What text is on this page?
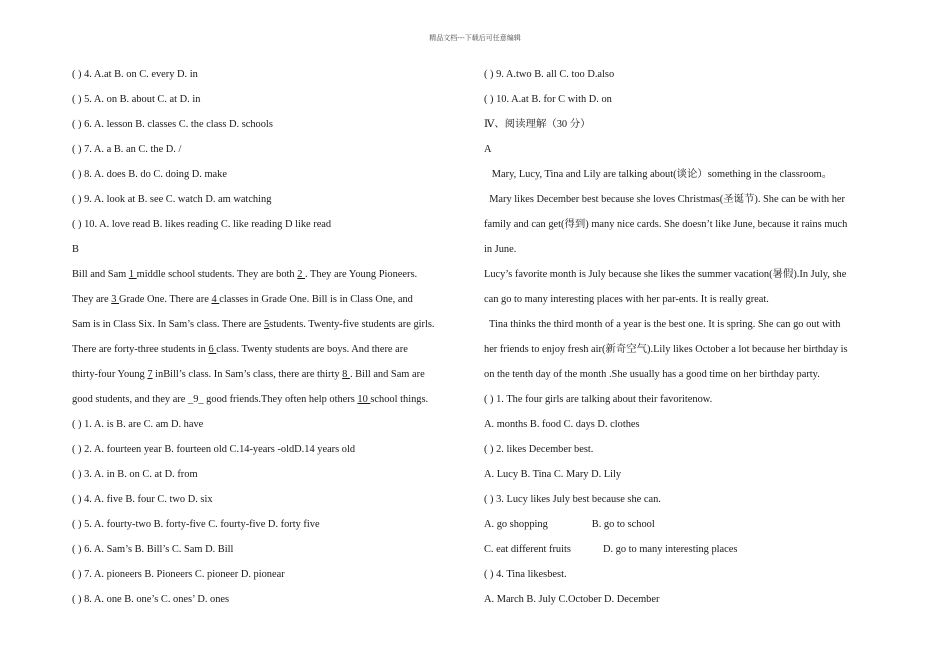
精品文档---下载后可任意编辑
( ) 4. A.at B. on C. every D. in
( ) 5. A. on B. about C. at D. in
( ) 6. A. lesson B. classes C. the class D. schools
( ) 7. A. a B. an C. the D. /
( ) 8. A. does B. do C. doing D. make
( ) 9. A. look at B. see C. watch D. am watching
( ) 10. A. love read B. likes reading C. like reading D like read
B
Bill and Sam 1 middle school students. They are both 2 . They are Young Pioneers.
They are 3 Grade One. There are 4 classes in Grade One. Bill is in Class One, and
Sam is in Class Six. In Sam’s class. There are 5students. Twenty-five students are girls.
There are forty-three students in 6 class. Twenty students are boys. And there are
thirty-four Young 7 inBill’s class. In Sam’s class, there are thirty 8 . Bill and Sam are
good students, and they are _9_ good friends.They often help others 10 school things.
( ) 1. A. is B. are C. am D. have
( ) 2. A. fourteen year B. fourteen old C.14-years -oldD.14 years old
( ) 3. A. in B. on C. at D. from
( ) 4. A. five B. four C. two D. six
( ) 5. A. fourty-two B. forty-five C. fourty-five D. forty five
( ) 6. A. Sam’s B. Bill’s C. Sam D. Bill
( ) 7. A. pioneers B. Pioneers C. pioneer D. pionear
( ) 8. A. one B. one’s C. ones’ D. ones
( ) 9. A.two B. all C. too D.also
( ) 10. A.at B. for C with D. on
Ⅳ、阅读理解（30 分）
A
Mary, Lucy, Tina and Lily are talking about(谈论）something in the classroom。
Mary likes December best because she loves Christmas(圣诞节). She can be with her
family and can get(得到) many nice cards. She doesn’t like June, because it rains much
in June.
Lucy’s favorite month is July because she likes the summer vacation(暑假).In July, she
can go to many interesting places with her par-ents. It is really great.
Tina thinks the third month of a year is the best one. It is spring. She can go out with
her friends to enjoy fresh air(新奇空气).Lily likes October a lot because her birthday is
on the tenth day of the month .She usually has a good time on her birthday party.
( ) 1. The four girls are talking about their favoritenow.
A. months B. food C. days D. clothes
( ) 2. likes December best.
A. Lucy B. Tina C. Mary D. Lily
( ) 3. Lucy likes July best because she can.
A. go shopping	B. go to school
C. eat different fruits	D. go to many interesting places
( ) 4. Tina likesbest.
A. March B. July C.October D. December
